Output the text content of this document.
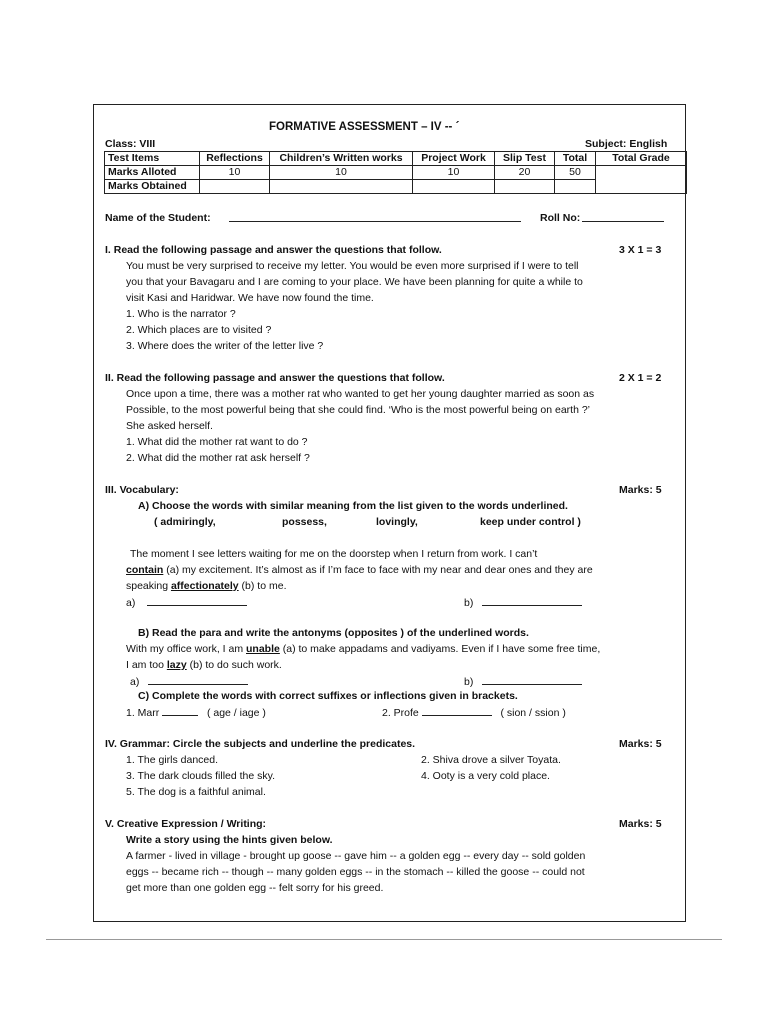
FORMATIVE ASSESSMENT – IV -- ´
Class: VIII	Subject: English
Test Items	Reflections	Children’s Written works	Project Work	Slip Test	Total	Total Grade
Marks Alloted	10	10	10	20	50	
Marks Obtained						
Name of the Student:	Roll No:
I. Read the following passage and answer the questions that follow.	3 X 1 = 3
You must be very surprised to receive my letter. You would be even more surprised if I were to tell
you that your Bavagaru and I are coming to your place. We have been planning for quite a while to
visit Kasi and Haridwar. We have now found the time.
1. Who is the narrator ?
2. Which places are to visited ?
3. Where does the writer of the letter live ?
II. Read the following passage and answer the questions that follow.	2 X 1 = 2
Once upon a time, there was a mother rat who wanted to get her young daughter married as soon as
Possible, to the most powerful being that she could find. ‘Who is the most powerful being on earth ?’
She asked herself.
1. What did the mother rat want to do ?
2. What did the mother rat ask herself ?
III. Vocabulary:	Marks: 5
A) Choose the words with similar meaning from the list given to the words underlined.
( admiringly,	possess,	lovingly,	keep under control )
The moment I see letters waiting for me on the doorstep when I return from work. I can’t
contain (a) my excitement. It’s almost as if I’m face to face with my near and dear ones and they are
speaking affectionately (b) to me.
a)	b)
B) Read the para and write the antonyms (opposites ) of the underlined words.
With my office work, I am unable (a) to make appadams and vadiyams. Even if I have some free time,
I am too lazy (b) to do such work.
a)	b)
C) Complete the words with correct suffixes or inflections given in brackets.
1. Marr	( age / iage )	2. Profe	( sion / ssion )
IV. Grammar: Circle the subjects and underline the predicates.	Marks: 5
1. The girls danced.	2. Shiva drove a silver Toyata.
3. The dark clouds filled the sky.	4. Ooty is a very cold place.
5. The dog is a faithful animal.
V. Creative Expression / Writing:	Marks: 5
Write a story using the hints given below.
A farmer - lived in village - brought up goose -- gave him -- a golden egg -- every day -- sold golden
eggs -- became rich -- though -- many golden eggs -- in the stomach -- killed the goose -- could not
get more than one golden egg -- felt sorry for his greed.
